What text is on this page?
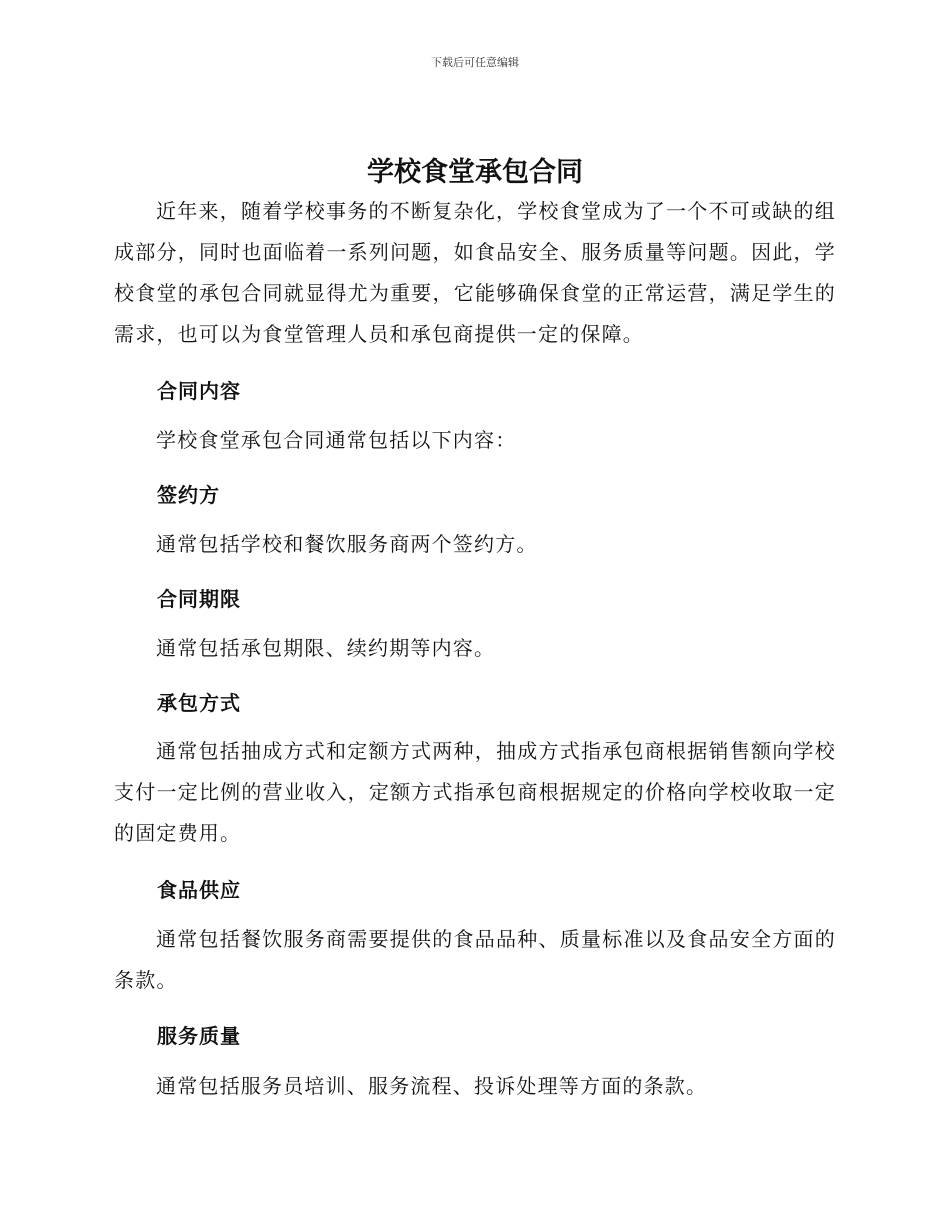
下载后可任意编辑
学校食堂承包合同

近年来，随着学校事务的不断复杂化，学校食堂成为了一个不可或缺的组成部分，同时也面临着一系列问题，如食品安全、服务质量等问题。因此，学校食堂的承包合同就显得尤为重要，它能够确保食堂的正常运营，满足学生的需求，也可以为食堂管理人员和承包商提供一定的保障。

合同内容

学校食堂承包合同通常包括以下内容：

签约方

通常包括学校和餐饮服务商两个签约方。

合同期限

通常包括承包期限、续约期等内容。

承包方式

通常包括抽成方式和定额方式两种，抽成方式指承包商根据销售额向学校支付一定比例的营业收入，定额方式指承包商根据规定的价格向学校收取一定的固定费用。

食品供应

通常包括餐饮服务商需要提供的食品品种、质量标准以及食品安全方面的条款。

服务质量

通常包括服务员培训、服务流程、投诉处理等方面的条款。
